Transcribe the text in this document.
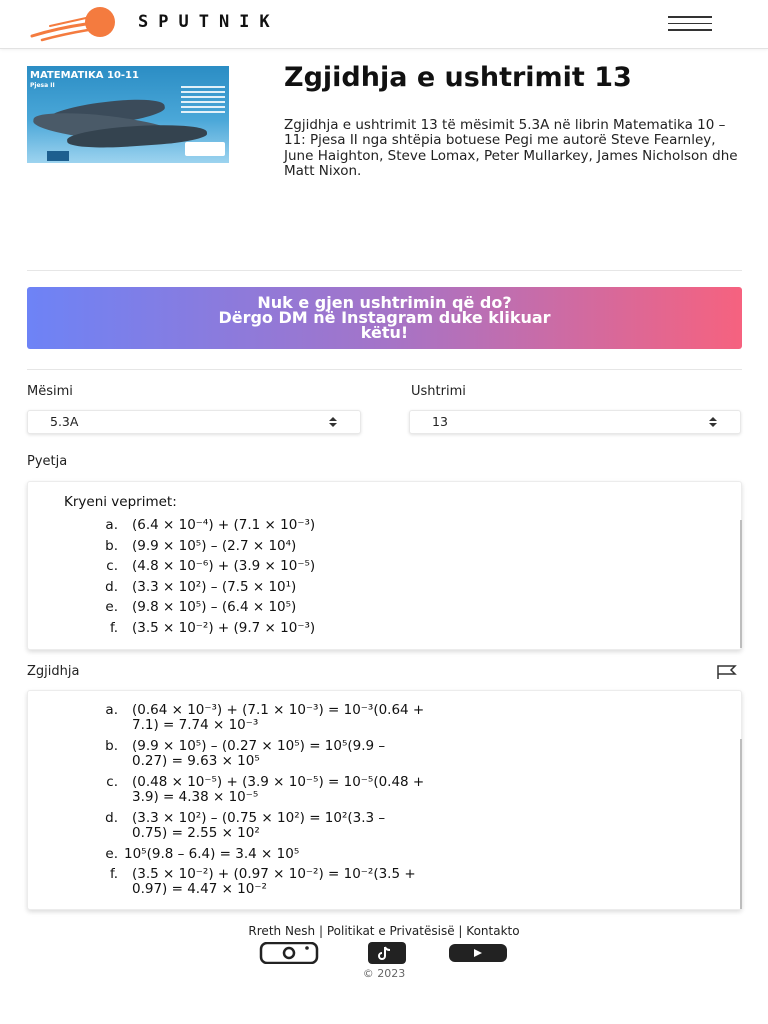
SPUTNIK
MATEMATIKA 10-11
Pjesa II	Zgjidhja e ushtrimit 13
Zgjidhja e ushtrimit 13 të mësimit 5.3A në librin Matematika 10 – 11: Pjesa II nga shtëpia botuese Pegi me autorë Steve Fearnley, June Haighton, Steve Lomax, Peter Mullarkey, James Nicholson dhe Matt Nixon.
Nuk e gjen ushtrimin që do?
Dërgo DM në Instagram duke klikuar
këtu!
Mësimi	Ushtrimi
5.3A	13
Pyetja
Kryeni veprimet:
a. (6.4 × 10⁻⁴) + (7.1 × 10⁻³)
b. (9.9 × 10⁵) – (2.7 × 10⁴)
c. (4.8 × 10⁻⁶) + (3.9 × 10⁻⁵)
d. (3.3 × 10²) – (7.5 × 10¹)
e. (9.8 × 10⁵) – (6.4 × 10⁵)
f. (3.5 × 10⁻²) + (9.7 × 10⁻³)
Zgjidhja
a. (0.64 × 10⁻³) + (7.1 × 10⁻³) = 10⁻³(0.64 +
7.1) = 7.74 × 10⁻³
b. (9.9 × 10⁵) – (0.27 × 10⁵) = 10⁵(9.9 –
0.27) = 9.63 × 10⁵
c. (0.48 × 10⁻⁵) + (3.9 × 10⁻⁵) = 10⁻⁵(0.48 +
3.9) = 4.38 × 10⁻⁵
d. (3.3 × 10²) – (0.75 × 10²) = 10²(3.3 –
0.75) = 2.55 × 10²
e. 10⁵(9.8 – 6.4) = 3.4 × 10⁵
f. (3.5 × 10⁻²) + (0.97 × 10⁻²) = 10⁻²(3.5 +
0.97) = 4.47 × 10⁻²
Rreth Nesh | Politikat e Privatësisë | Kontakto
© 2023
